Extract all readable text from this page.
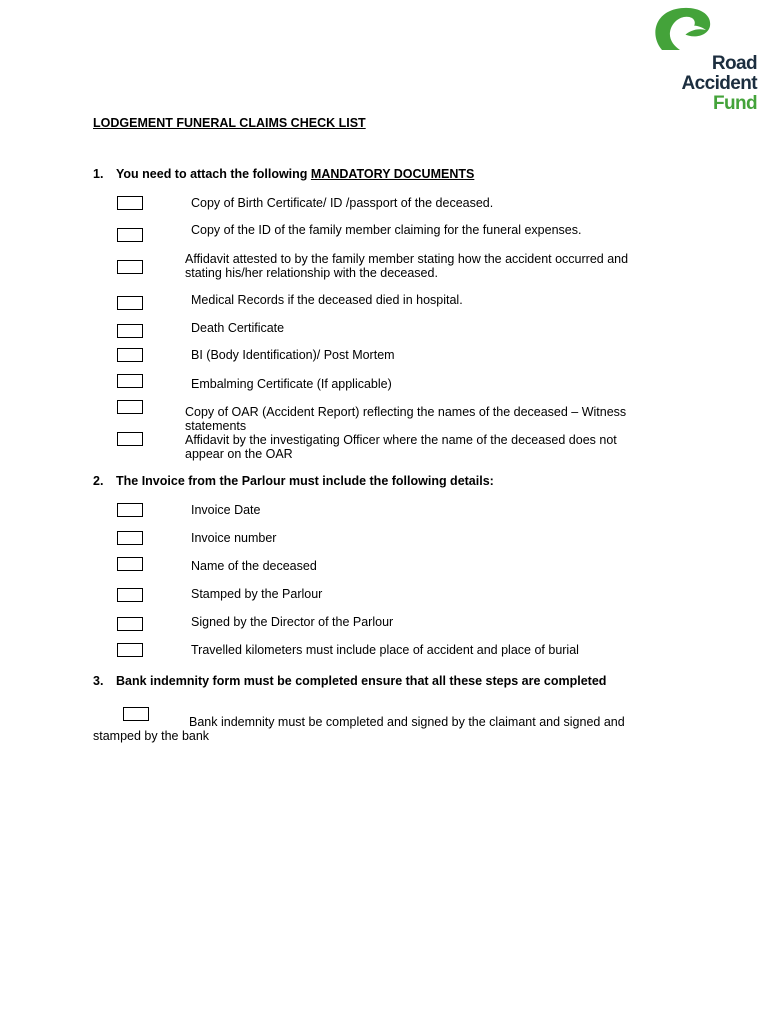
Road
Accident
Fund
LODGEMENT FUNERAL CLAIMS CHECK LIST
1. You need to attach the following MANDATORY DOCUMENTS
Copy of Birth Certificate/ ID /passport of the deceased.
Copy of the ID of the family member claiming for the funeral expenses.
Affidavit attested to by the family member stating how the accident occurred and stating his/her relationship with the deceased.
Medical Records if the deceased died in hospital.
Death Certificate
BI (Body Identification)/ Post Mortem
Embalming Certificate (If applicable)
Copy of OAR (Accident Report) reflecting the names of the deceased – Witness statements
Affidavit by the investigating Officer where the name of the deceased does not appear on the OAR
2. The Invoice from the Parlour must include the following details:
Invoice Date
Invoice number
Name of the deceased
Stamped by the Parlour
Signed by the Director of the Parlour
Travelled kilometers must include place of accident and place of burial
3. Bank indemnity form must be completed ensure that all these steps are completed
Bank indemnity must be completed and signed by the claimant and signed and stamped by the bank
